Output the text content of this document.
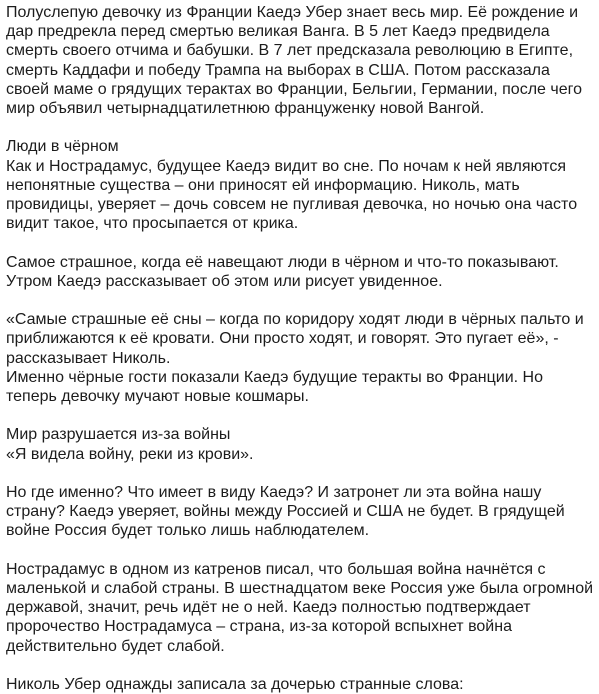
Полуслепую девочку из Франции Каедэ Убер знает весь мир. Её рождение и
дар предрекла перед смертью великая Ванга. В 5 лет Каедэ предвидела
смерть своего отчима и бабушки. В 7 лет предсказала революцию в Египте,
смерть Каддафи и победу Трампа на выборах в США. Потом рассказала
своей маме о грядущих терактах во Франции, Бельгии, Германии, после чего
мир объявил четырнадцатилетнюю француженку новой Вангой.
Люди в чёрном
Как и Нострадамус, будущее Каедэ видит во сне. По ночам к ней являются
непонятные существа – они приносят ей информацию. Николь, мать
провидицы, уверяет – дочь совсем не пугливая девочка, но ночью она часто
видит такое, что просыпается от крика.
Самое страшное, когда её навещают люди в чёрном и что-то показывают.
Утром Каедэ рассказывает об этом или рисует увиденное.
«Самые страшные её сны – когда по коридору ходят люди в чёрных пальто и
приближаются к её кровати. Они просто ходят, и говорят. Это пугает её», -
рассказывает Николь.
Именно чёрные гости показали Каедэ будущие теракты во Франции. Но
теперь девочку мучают новые кошмары.
Мир разрушается из-за войны
«Я видела войну, реки из крови».
Но где именно? Что имеет в виду Каедэ? И затронет ли эта война нашу
страну? Каедэ уверяет, войны между Россией и США не будет. В грядущей
войне Россия будет только лишь наблюдателем.
Нострадамус в одном из катренов писал, что большая война начнётся с
маленькой и слабой страны. В шестнадцатом веке Россия уже была огромной
державой, значит, речь идёт не о ней. Каедэ полностью подтверждает
пророчество Нострадамуса – страна, из-за которой вспыхнет война
действительно будет слабой.
Николь Убер однажды записала за дочерью странные слова:
